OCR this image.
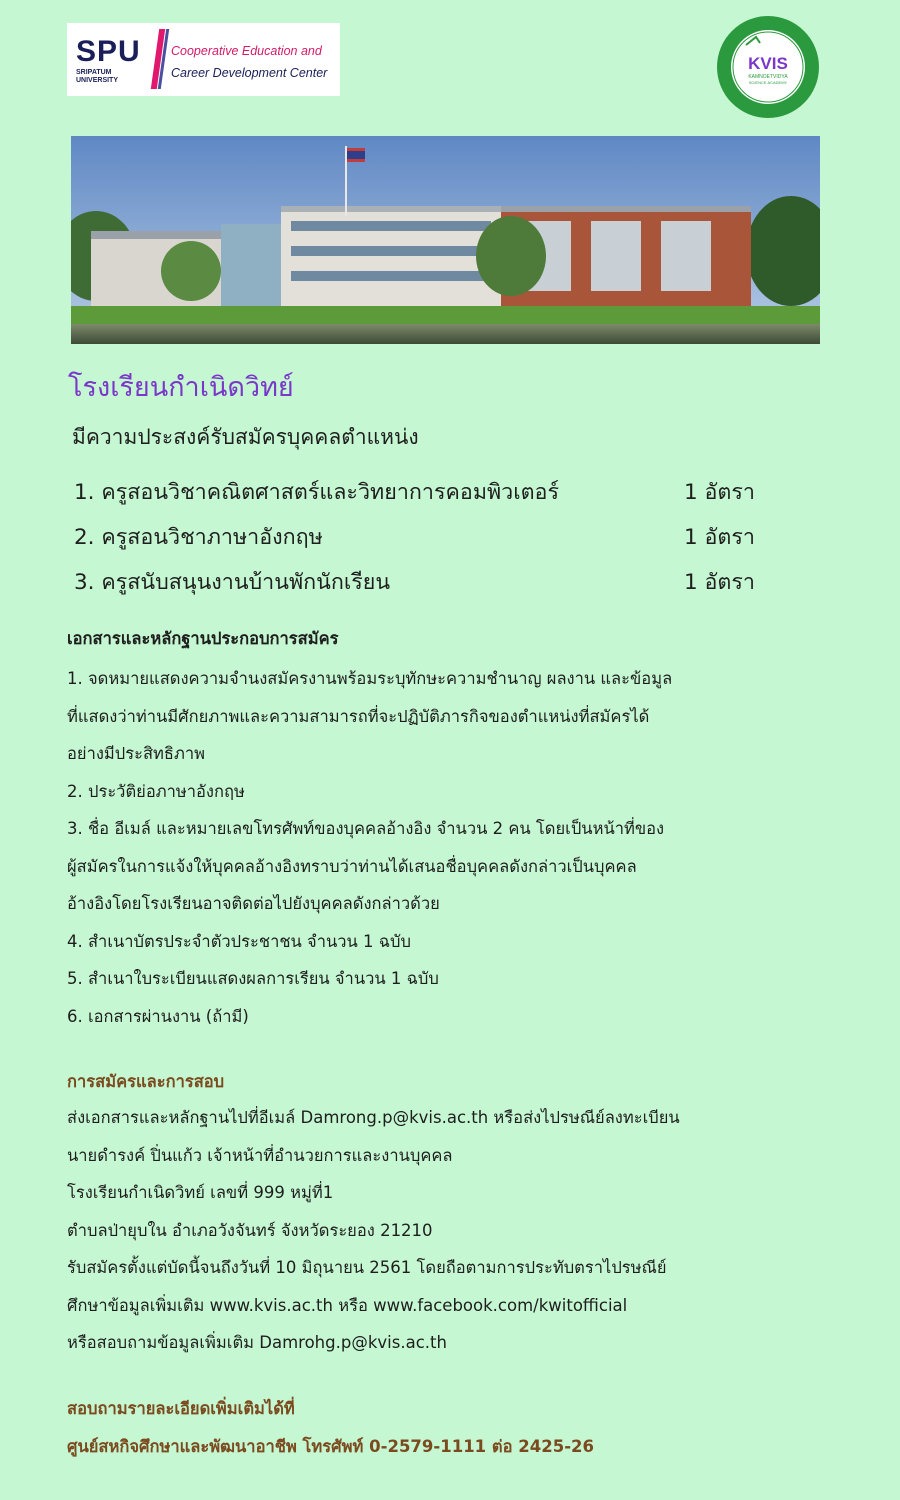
SPU
SRIPATUM
UNIVERSITY
Cooperative Education and
Career Development Center	KVIS
KAMNOETVIDYA
SCIENCE ACADEMY
โรงเรียนกำเนิดวิทย์

มีความประสงค์รับสมัครบุคคลตำแหน่ง

1. ครูสอนวิชาคณิตศาสตร์และวิทยาการคอมพิวเตอร์	1 อัตรา
2. ครูสอนวิชาภาษาอังกฤษ	1 อัตรา
3. ครูสนับสนุนงานบ้านพักนักเรียน	1 อัตรา
เอกสารและหลักฐานประกอบการสมัคร
1. จดหมายแสดงความจำนงสมัครงานพร้อมระบุทักษะความชำนาญ ผลงาน และข้อมูล
ที่แสดงว่าท่านมีศักยภาพและความสามารถที่จะปฏิบัติภารกิจของตำแหน่งที่สมัครได้
อย่างมีประสิทธิภาพ
2. ประวัติย่อภาษาอังกฤษ
3. ชื่อ อีเมล์ และหมายเลขโทรศัพท์ของบุคคลอ้างอิง จำนวน 2 คน โดยเป็นหน้าที่ของ
ผู้สมัครในการแจ้งให้บุคคลอ้างอิงทราบว่าท่านได้เสนอชื่อบุคคลดังกล่าวเป็นบุคคล
อ้างอิงโดยโรงเรียนอาจติดต่อไปยังบุคคลดังกล่าวด้วย
4. สำเนาบัตรประจำตัวประชาชน จำนวน 1 ฉบับ
5. สำเนาใบระเบียนแสดงผลการเรียน จำนวน 1 ฉบับ
6. เอกสารผ่านงาน (ถ้ามี)
การสมัครและการสอบ
ส่งเอกสารและหลักฐานไปที่อีเมล์ Damrong.p@kvis.ac.th หรือส่งไปรษณีย์ลงทะเบียน
นายดำรงค์ ปิ่นแก้ว เจ้าหน้าที่อำนวยการและงานบุคคล
โรงเรียนกำเนิดวิทย์ เลขที่ 999 หมู่ที่1
ตำบลป่ายุบใน อำเภอวังจันทร์ จังหวัดระยอง 21210
รับสมัครตั้งแต่บัดนี้จนถึงวันที่ 10 มิถุนายน 2561 โดยถือตามการประทับตราไปรษณีย์
ศึกษาข้อมูลเพิ่มเติม www.kvis.ac.th หรือ www.facebook.com/kwitofficial
หรือสอบถามข้อมูลเพิ่มเติม Damrohg.p@kvis.ac.th
สอบถามรายละเอียดเพิ่มเติมได้ที่
ศูนย์สหกิจศึกษาและพัฒนาอาชีพ โทรศัพท์ 0-2579-1111 ต่อ 2425-26
